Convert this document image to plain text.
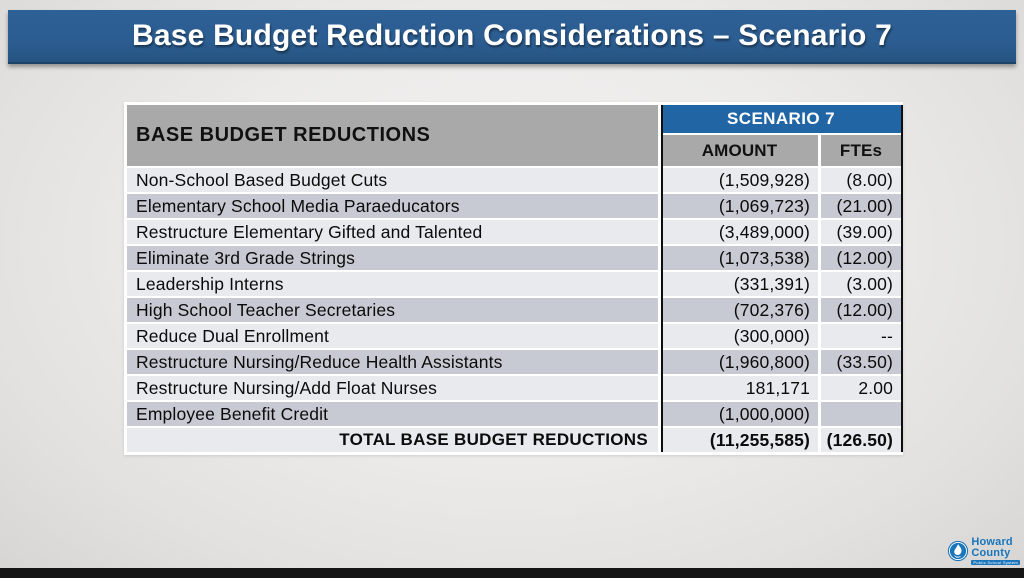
Base Budget Reduction Considerations – Scenario 7
BASE BUDGET REDUCTIONS
SCENARIO 7
AMOUNT	FTEs
Non-School Based Budget Cuts	(1,509,928)	(8.00)
Elementary School Media Paraeducators	(1,069,723)	(21.00)
Restructure Elementary Gifted and Talented	(3,489,000)	(39.00)
Eliminate 3rd Grade Strings	(1,073,538)	(12.00)
Leadership Interns	(331,391)	(3.00)
High School Teacher Secretaries	(702,376)	(12.00)
Reduce Dual Enrollment	(300,000)	--
Restructure Nursing/Reduce Health Assistants	(1,960,800)	(33.50)
Restructure Nursing/Add Float Nurses	181,171	2.00
Employee Benefit Credit	(1,000,000)
TOTAL BASE BUDGET REDUCTIONS	(11,255,585) (126.50)
Howard
County
Public School System
